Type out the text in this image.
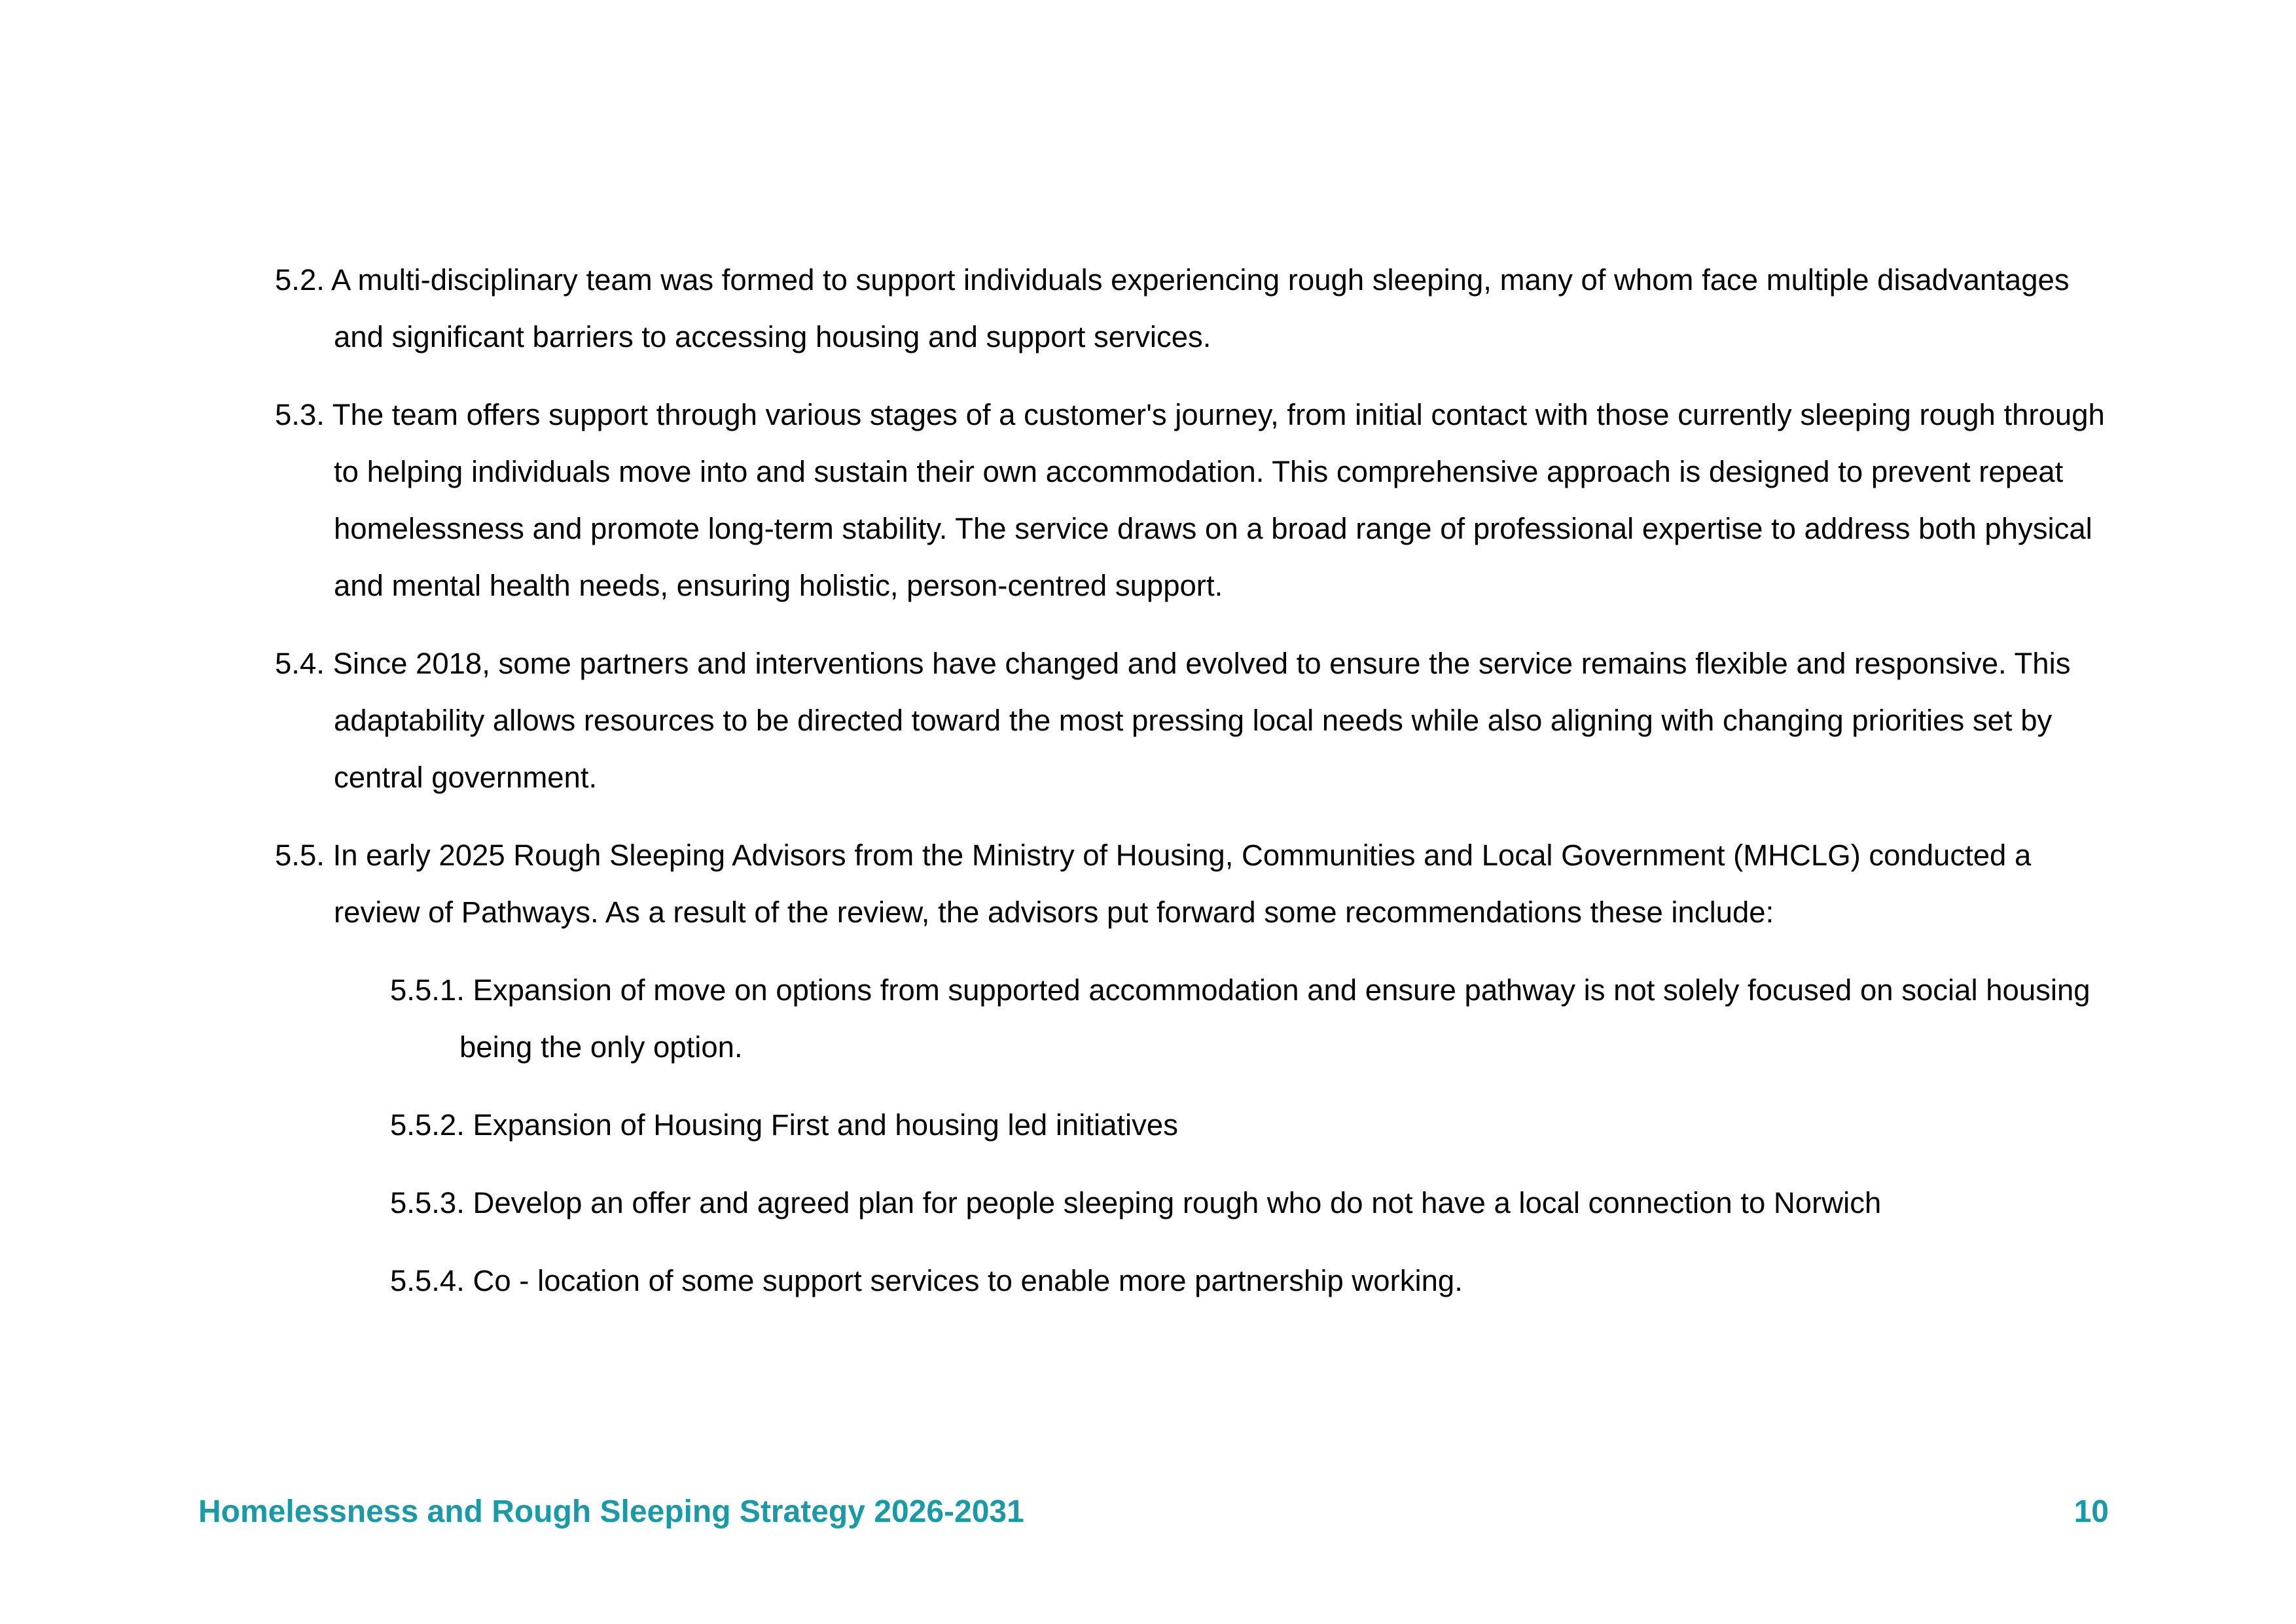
5.2. A multi-disciplinary team was formed to support individuals experiencing rough sleeping, many of whom face multiple disadvantages and significant barriers to accessing housing and support services.

5.3. The team offers support through various stages of a customer's journey, from initial contact with those currently sleeping rough through to helping individuals move into and sustain their own accommodation. This comprehensive approach is designed to prevent repeat homelessness and promote long-term stability. The service draws on a broad range of professional expertise to address both physical and mental health needs, ensuring holistic, person-centred support.

5.4. Since 2018, some partners and interventions have changed and evolved to ensure the service remains flexible and responsive. This adaptability allows resources to be directed toward the most pressing local needs while also aligning with changing priorities set by central government.

5.5. In early 2025 Rough Sleeping Advisors from the Ministry of Housing, Communities and Local Government (MHCLG) conducted a review of Pathways. As a result of the review, the advisors put forward some recommendations these include:

5.5.1. Expansion of move on options from supported accommodation and ensure pathway is not solely focused on social housing being the only option.

5.5.2. Expansion of Housing First and housing led initiatives

5.5.3. Develop an offer and agreed plan for people sleeping rough who do not have a local connection to Norwich

5.5.4. Co - location of some support services to enable more partnership working.

Homelessness and Rough Sleeping Strategy 2026-2031	10
